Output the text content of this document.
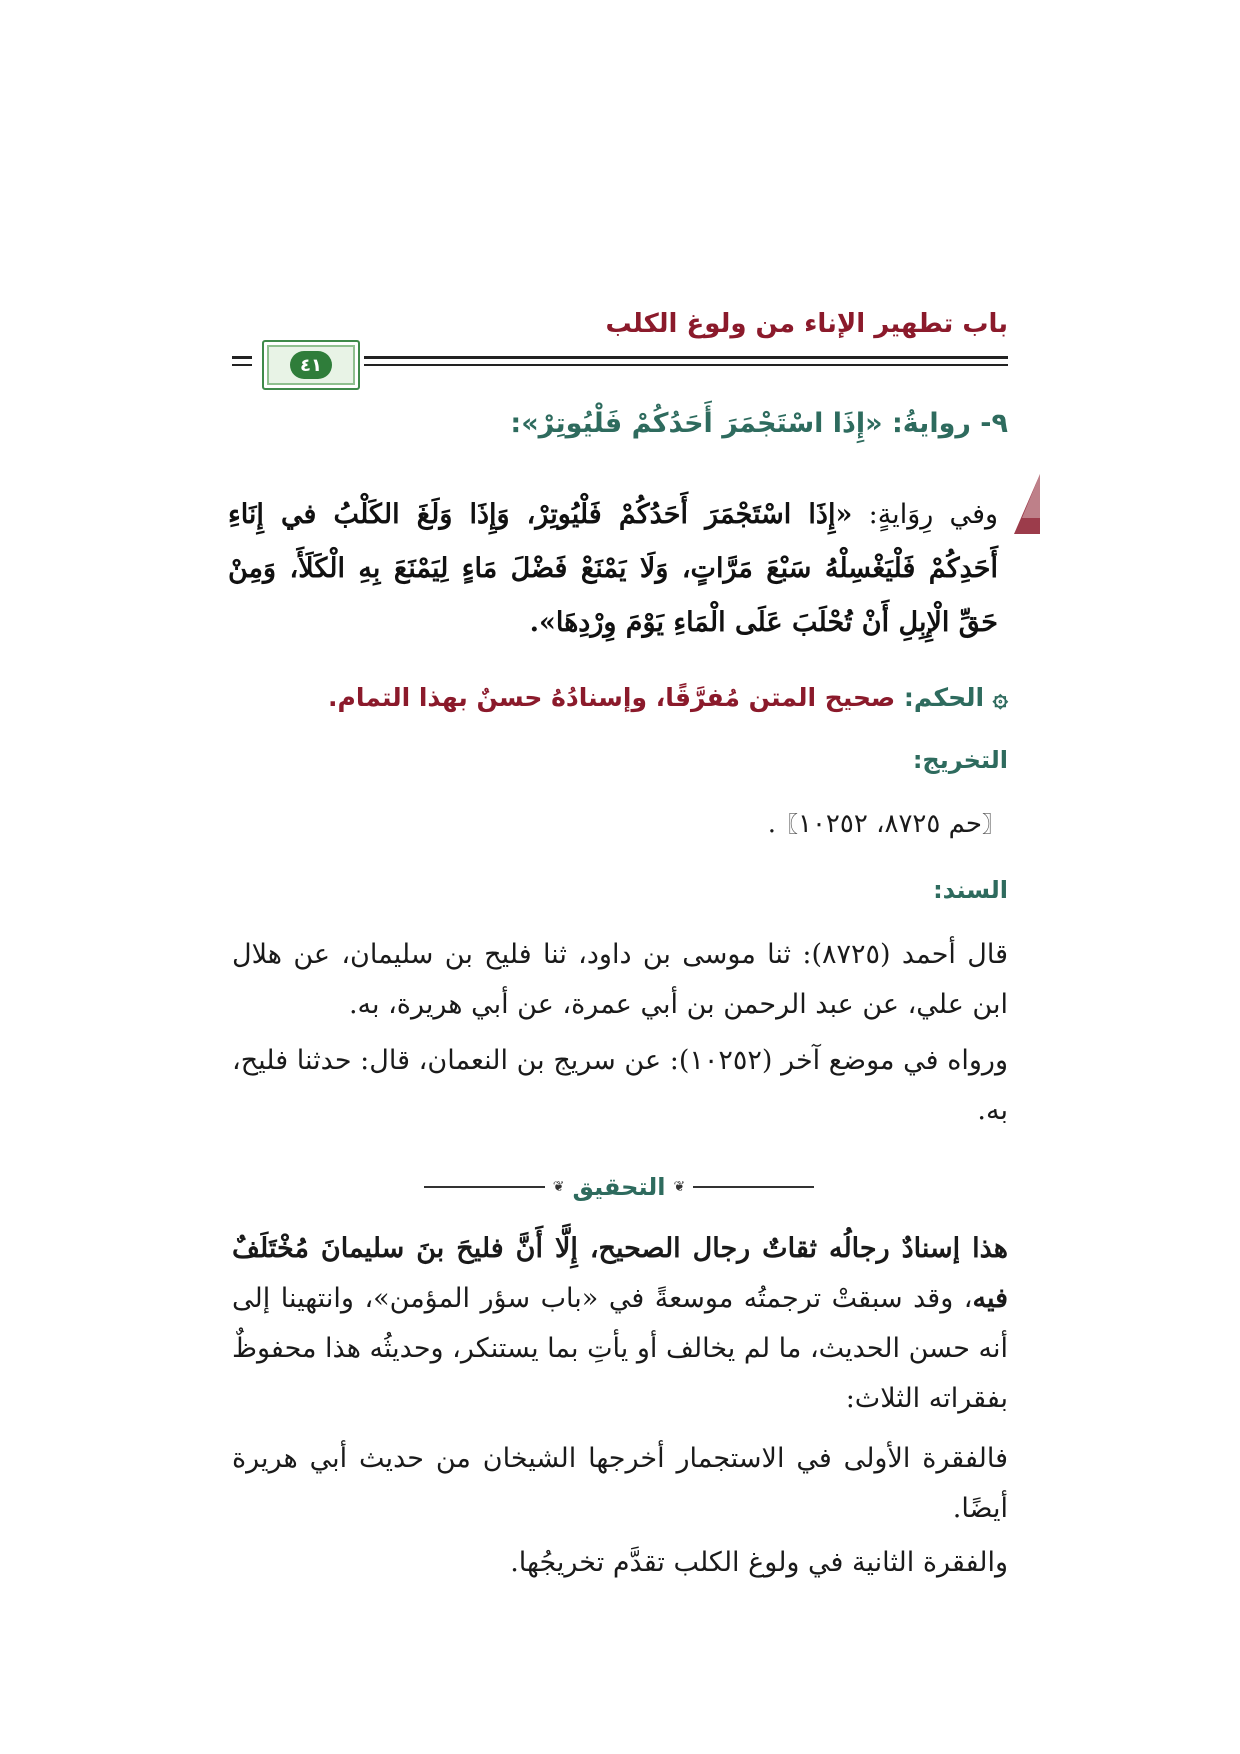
باب تطهير الإناء من ولوغ الكلب
٤١
٩- روايةُ: «إِذَا اسْتَجْمَرَ أَحَدُكُمْ فَلْيُوتِرْ»:
وفي رِوَايةٍ: «إِذَا اسْتَجْمَرَ أَحَدُكُمْ فَلْيُوتِرْ، وَإِذَا وَلَغَ الكَلْبُ في إِنَاءِ أَحَدِكُمْ فَلْيَغْسِلْهُ سَبْعَ مَرَّاتٍ، وَلَا يَمْنَعْ فَضْلَ مَاءٍ لِيَمْنَعَ بِهِ الْكَلَأَ، وَمِنْ حَقِّ الْإِبِلِ أَنْ تُحْلَبَ عَلَى الْمَاءِ يَوْمَ وِرْدِهَا».
۞ الحكم: صحيح المتن مُفرَّقًا، وإسنادُهُ حسنٌ بهذا التمام.
التخريج:
〖حم ٨٧٢٥، ١٠٢٥٢〗.
السند:
قال أحمد (٨٧٢٥): ثنا موسى بن داود، ثنا فليح بن سليمان، عن هلال ابن علي، عن عبد الرحمن بن أبي عمرة، عن أبي هريرة، به.
ورواه في موضع آخر (١٠٢٥٢): عن سريج بن النعمان، قال: حدثنا فليح، به.
❦
التحقيق
❦
هذا إسنادٌ رجالُه ثقاتٌ رجال الصحيح، إِلَّا أَنَّ فليحَ بنَ سليمانَ مُخْتَلَفٌ فيه، وقد سبقتْ ترجمتُه موسعةً في «باب سؤر المؤمن»، وانتهينا إلى أنه حسن الحديث، ما لم يخالف أو يأتِ بما يستنكر، وحديثُه هذا محفوظٌ بفقراته الثلاث:
فالفقرة الأولى في الاستجمار أخرجها الشيخان من حديث أبي هريرة أيضًا.
والفقرة الثانية في ولوغ الكلب تقدَّم تخريجُها.
